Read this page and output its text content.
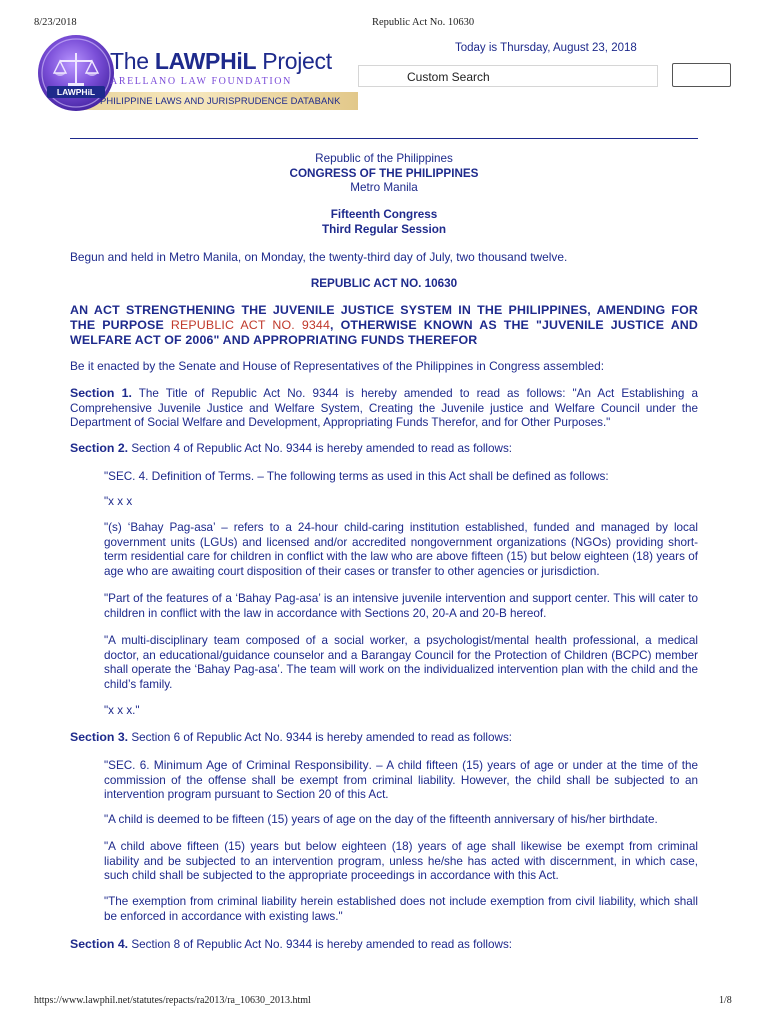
8/23/2018	Republic Act No. 10630
LAWPHiL
The LAWPHiL Project
ARELLANO LAW FOUNDATION
PHILIPPINE LAWS AND JURISPRUDENCE DATABANK
Today is Thursday, August 23, 2018
Custom Search
Republic of the Philippines
CONGRESS OF THE PHILIPPINES
Metro Manila
Fifteenth Congress
Third Regular Session
Begun and held in Metro Manila, on Monday, the twenty-third day of July, two thousand twelve.
REPUBLIC ACT NO. 10630
AN ACT STRENGTHENING THE JUVENILE JUSTICE SYSTEM IN THE PHILIPPINES, AMENDING FOR THE PURPOSE REPUBLIC ACT NO. 9344, OTHERWISE KNOWN AS THE "JUVENILE JUSTICE AND WELFARE ACT OF 2006" AND APPROPRIATING FUNDS THEREFOR
Be it enacted by the Senate and House of Representatives of the Philippines in Congress assembled:
Section 1. The Title of Republic Act No. 9344 is hereby amended to read as follows: "An Act Establishing a Comprehensive Juvenile Justice and Welfare System, Creating the Juvenile justice and Welfare Council under the Department of Social Welfare and Development, Appropriating Funds Therefor, and for Other Purposes."
Section 2. Section 4 of Republic Act No. 9344 is hereby amended to read as follows:
"SEC. 4. Definition of Terms. – The following terms as used in this Act shall be defined as follows:
"x x x
"(s) ‘Bahay Pag-asa’ – refers to a 24-hour child-caring institution established, funded and managed by local government units (LGUs) and licensed and/or accredited nongovernment organizations (NGOs) providing short-term residential care for children in conflict with the law who are above fifteen (15) but below eighteen (18) years of age who are awaiting court disposition of their cases or transfer to other agencies or jurisdiction.
"Part of the features of a ‘Bahay Pag-asa’ is an intensive juvenile intervention and support center. This will cater to children in conflict with the law in accordance with Sections 20, 20-A and 20-B hereof.
"A multi-disciplinary team composed of a social worker, a psychologist/mental health professional, a medical doctor, an educational/guidance counselor and a Barangay Council for the Protection of Children (BCPC) member shall operate the ‘Bahay Pag-asa’. The team will work on the individualized intervention plan with the child and the child’s family.
"x x x."
Section 3. Section 6 of Republic Act No. 9344 is hereby amended to read as follows:
"SEC. 6. Minimum Age of Criminal Responsibility. – A child fifteen (15) years of age or under at the time of the commission of the offense shall be exempt from criminal liability. However, the child shall be subjected to an intervention program pursuant to Section 20 of this Act.
"A child is deemed to be fifteen (15) years of age on the day of the fifteenth anniversary of his/her birthdate.
"A child above fifteen (15) years but below eighteen (18) years of age shall likewise be exempt from criminal liability and be subjected to an intervention program, unless he/she has acted with discernment, in which case, such child shall be subjected to the appropriate proceedings in accordance with this Act.
"The exemption from criminal liability herein established does not include exemption from civil liability, which shall be enforced in accordance with existing laws."
Section 4. Section 8 of Republic Act No. 9344 is hereby amended to read as follows:
https://www.lawphil.net/statutes/repacts/ra2013/ra_10630_2013.html	1/8
